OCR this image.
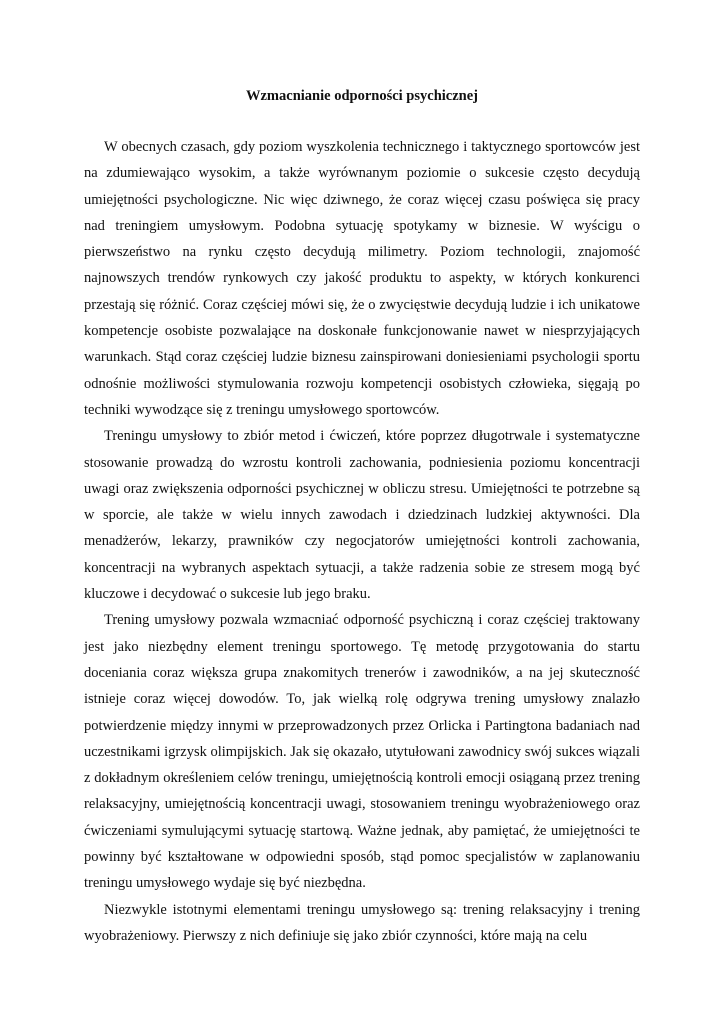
Wzmacnianie odporności psychicznej

W obecnych czasach, gdy poziom wyszkolenia technicznego i taktycznego sportowców jest na zdumiewająco wysokim, a także wyrównanym poziomie o sukcesie często decydują umiejętności psychologiczne. Nic więc dziwnego, że coraz więcej czasu poświęca się pracy nad treningiem umysłowym. Podobna sytuację spotykamy w biznesie. W wyścigu o pierwszeństwo na rynku często decydują milimetry. Poziom technologii, znajomość najnowszych trendów rynkowych czy jakość produktu to aspekty, w których konkurenci przestają się różnić. Coraz częściej mówi się, że o zwycięstwie decydują ludzie i ich unikatowe kompetencje osobiste pozwalające na doskonałe funkcjonowanie nawet w niesprzyjających warunkach. Stąd coraz częściej ludzie biznesu zainspirowani doniesieniami psychologii sportu odnośnie możliwości stymulowania rozwoju kompetencji osobistych człowieka, sięgają po techniki wywodzące się z treningu umysłowego sportowców.

Treningu umysłowy to zbiór metod i ćwiczeń, które poprzez długotrwale i systematyczne stosowanie prowadzą do wzrostu kontroli zachowania, podniesienia poziomu koncentracji uwagi oraz zwiększenia odporności psychicznej w obliczu stresu. Umiejętności te potrzebne są w sporcie, ale także w wielu innych zawodach i dziedzinach ludzkiej aktywności. Dla menadżerów, lekarzy, prawników czy negocjatorów umiejętności kontroli zachowania, koncentracji na wybranych aspektach sytuacji, a także radzenia sobie ze stresem mogą być kluczowe i decydować o sukcesie lub jego braku.

Trening umysłowy pozwala wzmacniać odporność psychiczną i coraz częściej traktowany jest jako niezbędny element treningu sportowego. Tę metodę przygotowania do startu doceniania coraz większa grupa znakomitych trenerów i zawodników, a na jej skuteczność istnieje coraz więcej dowodów. To, jak wielką rolę odgrywa trening umysłowy znalazło potwierdzenie między innymi w przeprowadzonych przez Orlicka i Partingtona badaniach nad uczestnikami igrzysk olimpijskich. Jak się okazało, utytułowani zawodnicy swój sukces wiązali z dokładnym określeniem celów treningu, umiejętnością kontroli emocji osiąganą przez trening relaksacyjny, umiejętnością koncentracji uwagi, stosowaniem treningu wyobrażeniowego oraz ćwiczeniami symulującymi sytuację startową. Ważne jednak, aby pamiętać, że umiejętności te powinny być kształtowane w odpowiedni sposób, stąd pomoc specjalistów w zaplanowaniu treningu umysłowego wydaje się być niezbędna.

Niezwykle istotnymi elementami treningu umysłowego są: trening relaksacyjny i trening wyobrażeniowy. Pierwszy z nich definiuje się jako zbiór czynności, które mają na celu
